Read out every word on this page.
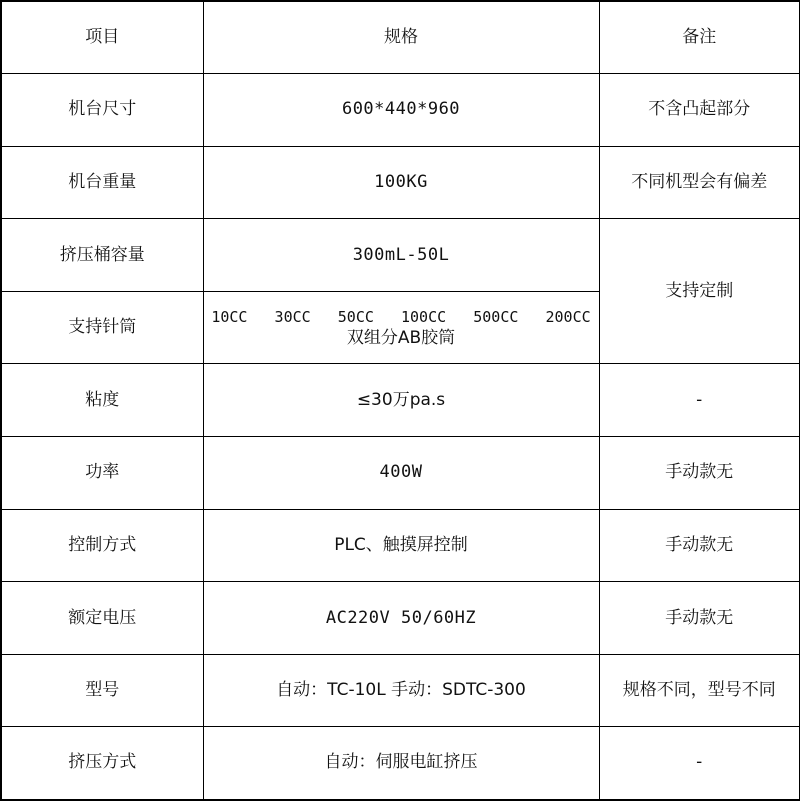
项目	规格	备注
机台尺寸	600*440*960	不含凸起部分
机台重量	100KG	不同机型会有偏差
挤压桶容量	300mL-50L	支持定制
支持针筒	10CC   30CC   50CC   100CC   500CC   200CC
双组分AB胶筒	

粘度	≤30万pa.s	-
功率	400W	手动款无
控制方式	PLC、触摸屏控制	手动款无
额定电压	AC220V 50/60HZ	手动款无
型号	自动：TC-10L 手动：SDTC-300	规格不同，型号不同
挤压方式	自动：伺服电缸挤压	-
